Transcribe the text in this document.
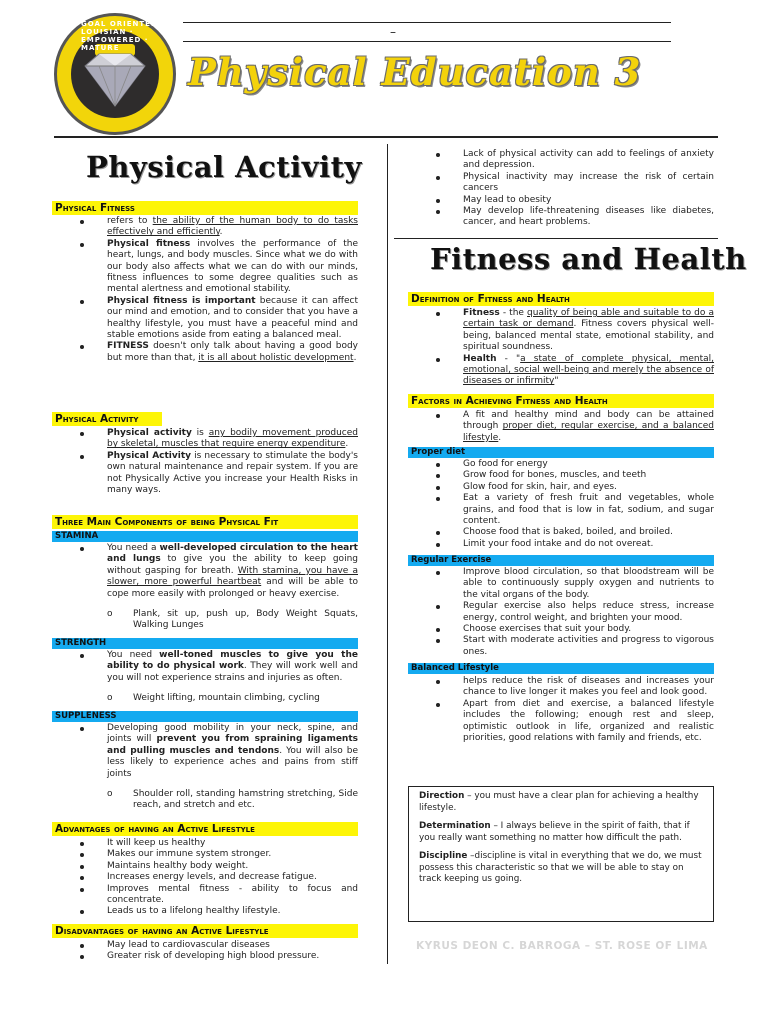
GOAL ORIENTED · LOUISIAN · EMPOWERED · MATURE
–
Physical Education 3
Physical Activity
Physical Fitness

refers to the ability of the human body to do tasks effectively and efficiently.

Physical fitness involves the performance of the heart, lungs, and body muscles. Since what we do with our body also affects what we can do with our minds, fitness influences to some degree qualities such as mental alertness and emotional stability.

Physical fitness is important because it can affect our mind and emotion, and to consider that you have a healthy lifestyle, you must have a peaceful mind and stable emotions aside from eating a balanced meal.

FITNESS doesn't only talk about having a good body but more than that, it is all about holistic development.

Physical Activity

Physical activity is any bodily movement produced by skeletal, muscles that require energy expenditure.

Physical Activity is necessary to stimulate the body's own natural maintenance and repair system. If you are not Physically Active you increase your Health Risks in many ways.

Three Main Components of being Physical Fit
STAMINA

You need a well-developed circulation to the heart and lungs to give you the ability to keep going without gasping for breath. With stamina, you have a slower, more powerful heartbeat and will be able to cope more easily with prolonged or heavy exercise.

o Plank, sit up, push up, Body Weight Squats, Walking Lunges

STRENGTH

You need well-toned muscles to give you the ability to do physical work. They will work well and you will not experience strains and injuries as often.

o Weight lifting, mountain climbing, cycling

SUPPLENESS

Developing good mobility in your neck, spine, and joints will prevent you from spraining ligaments and pulling muscles and tendons. You will also be less likely to experience aches and pains from stiff joints

o Shoulder roll, standing hamstring stretching, Side reach, and stretch and etc.

Advantages of having an Active Lifestyle

It will keep us healthy

Makes our immune system stronger.

Maintains healthy body weight.

Increases energy levels, and decrease fatigue.

Improves mental fitness - ability to focus and concentrate.

Leads us to a lifelong healthy lifestyle.

Disadvantages of having an Active Lifestyle

May lead to cardiovascular diseases

Greater risk of developing high blood pressure.

Lack of physical activity can add to feelings of anxiety and depression.

Physical inactivity may increase the risk of certain cancers

May lead to obesity

May develop life-threatening diseases like diabetes, cancer, and heart problems.

Fitness and Health
Definition of Fitness and Health

Fitness - the quality of being able and suitable to do a certain task or demand. Fitness covers physical well-being, balanced mental state, emotional stability, and spiritual soundness.

Health - "a state of complete physical, mental, emotional, social well-being and merely the absence of diseases or infirmity"

Factors in Achieving Fitness and Health

A fit and healthy mind and body can be attained through proper diet, regular exercise, and a balanced lifestyle.

Proper diet

Go food for energy

Grow food for bones, muscles, and teeth

Glow food for skin, hair, and eyes.

Eat a variety of fresh fruit and vegetables, whole grains, and food that is low in fat, sodium, and sugar content.

Choose food that is baked, boiled, and broiled.

Limit your food intake and do not overeat.

Regular Exercise

Improve blood circulation, so that bloodstream will be able to continuously supply oxygen and nutrients to the vital organs of the body.

Regular exercise also helps reduce stress, increase energy, control weight, and brighten your mood.

Choose exercises that suit your body.

Start with moderate activities and progress to vigorous ones.

Balanced Lifestyle

helps reduce the risk of diseases and increases your chance to live longer it makes you feel and look good.

Apart from diet and exercise, a balanced lifestyle includes the following; enough rest and sleep, optimistic outlook in life, organized and realistic priorities, good relations with family and friends, etc.

Direction – you must have a clear plan for achieving a healthy lifestyle.

Determination – I always believe in the spirit of faith, that if you really want something no matter how difficult the path.

Discipline –discipline is vital in everything that we do, we must possess this characteristic so that we will be able to stay on track keeping us going.

KYRUS DEON C. BARROGA – ST. ROSE OF LIMA
